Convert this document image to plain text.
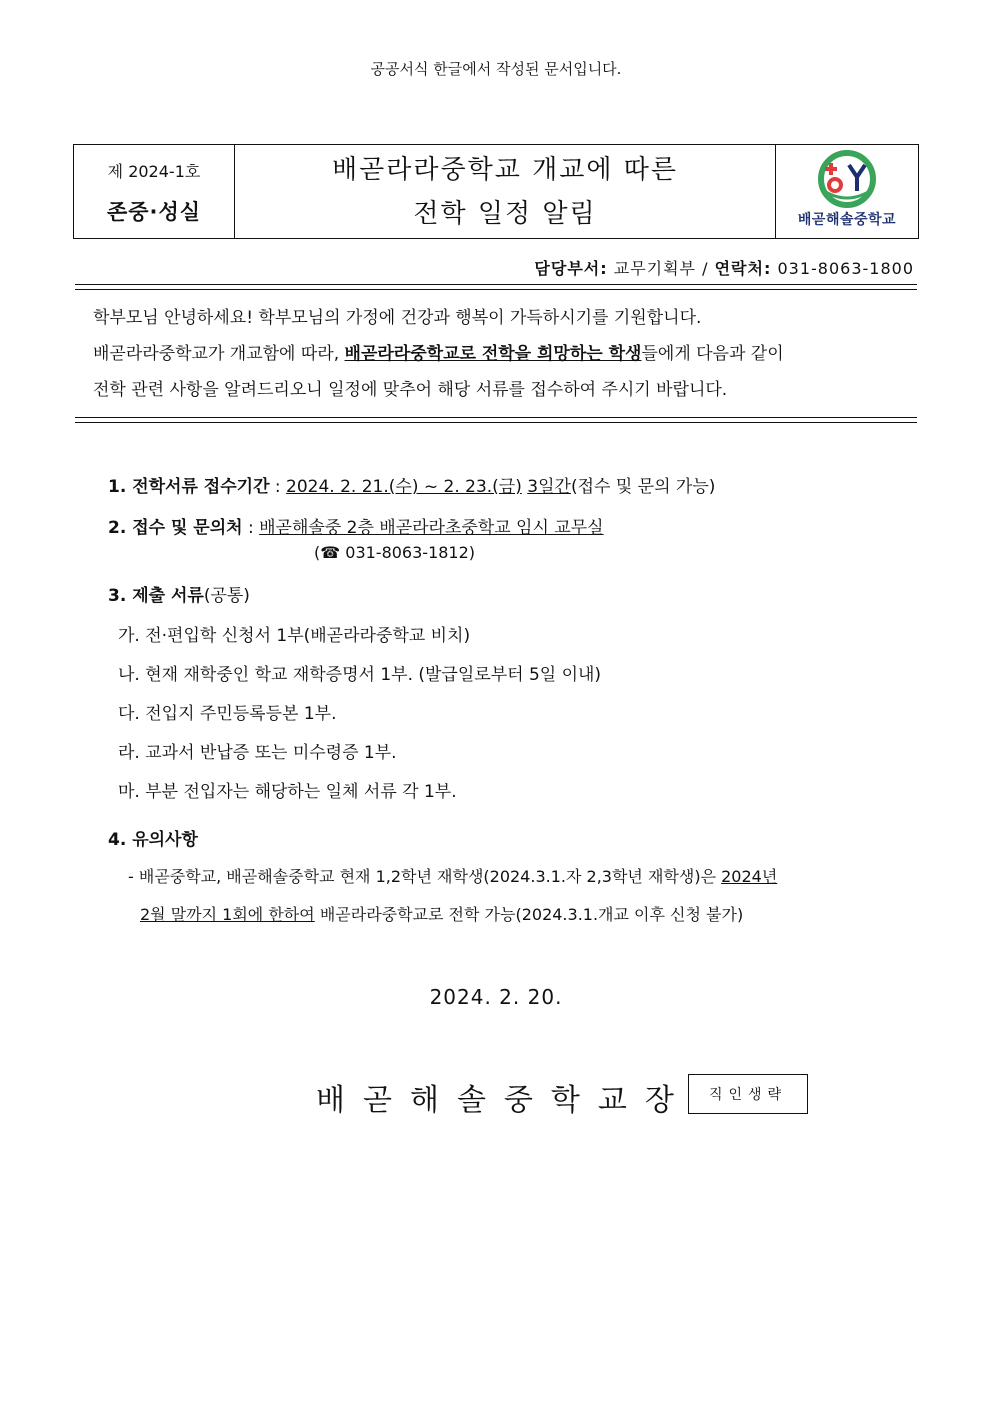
공공서식 한글에서 작성된 문서입니다.
제 2024-1호
존중·성실
배곧라라중학교 개교에 따른
전학 일정 알림	배곧해솔중학교
담당부서: 교무기획부 / 연락처: 031-8063-1800
학부모님 안녕하세요! 학부모님의 가정에 건강과 행복이 가득하시기를 기원합니다.
배곧라라중학교가 개교함에 따라, 배곧라라중학교로 전학을 희망하는 학생들에게 다음과 같이
전학 관련 사항을 알려드리오니 일정에 맞추어 해당 서류를 접수하여 주시기 바랍니다.
1. 전학서류 접수기간 : 2024. 2. 21.(수) ~ 2. 23.(금) 3일간(접수 및 문의 가능)
2. 접수 및 문의처 : 배곧해솔중 2층 배곧라라초중학교 임시 교무실
(☎ 031-8063-1812)
3. 제출 서류(공통)
가. 전·편입학 신청서 1부(배곧라라중학교 비치)
나. 현재 재학중인 학교 재학증명서 1부. (발급일로부터 5일 이내)
다. 전입지 주민등록등본 1부.
라. 교과서 반납증 또는 미수령증 1부.
마. 부분 전입자는 해당하는 일체 서류 각 1부.
4. 유의사항
- 배곧중학교, 배곧해솔중학교 현재 1,2학년 재학생(2024.3.1.자 2,3학년 재학생)은 2024년
2월 말까지 1회에 한하여 배곧라라중학교로 전학 가능(2024.3.1.개교 이후 신청 불가)
2024. 2. 20.
배곧해솔중학교장	직인생략
